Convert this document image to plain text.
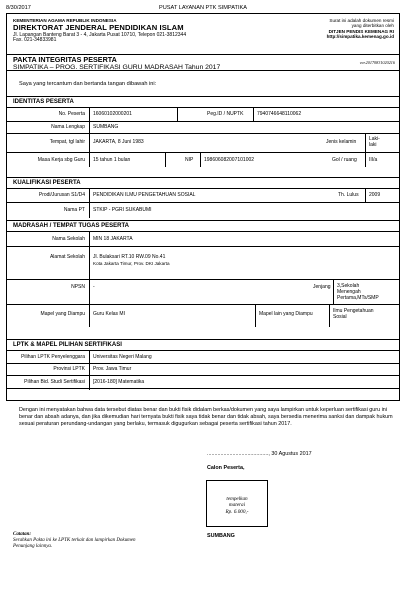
8/30/2017	PUSAT LAYANAN PTK SIMPATIKA
KEMENTERIAN AGAMA REPUBLIK INDONESIA
DIREKTORAT JENDERAL PENDIDIKAN ISLAM
Jl. Lapangan Banteng Barat 3 - 4, Jakarta Pusat 10710, Telepon 021-3812344
Fax. 021-34833981
Surat ini adalah dokumen resmi
yang diterbitkan oleh
DITJEN PENDIS KEMENAG RI
http://simpatika.kemenag.go.id
PAKTA INTEGRITAS PESERTA
SIMPATIKA – PROG. SERTIFIKASI GURU MADRASAH Tahun 2017
ver.20170831020216
Saya yang tercantum dan bertanda tangan dibawah ini:
IDENTITAS PESERTA
No. Peserta 16060102000201	Peg.ID / NUPTK	7940746648110062
Nama Lengkap SUMBANG
Tempat, tgl lahir JAKARTA, 8 Juni 1983	Jenis kelamin	Laki-
laki
Masa Kerja sbg Guru 15 tahun 1 bulan	NIP 198606082007101002	Gol / ruang III/a
KUALIFIKASI PESERTA
Prodi/Jurusan S1/D4 PENDIDIKAN ILMU PENGETAHUAN SOSIAL	Th. Lulus 2009
Nama PT STKIP - PGRI SUKABUMI
MADRASAH / TEMPAT TUGAS PESERTA
Nama Sekolah MIN 18 JAKARTA
Alamat Sekolah Jl. Bulaksari RT.10 RW.09 No.41
Kota Jakarta Timur, Prov. DKI Jakarta
NPSN -	Jenjang 3,Sekolah
Menengah
Pertama,MTs/SMP
Mapel yang Diampu Guru Kelas MI	Mapel lain yang Diampu	Ilmu Pengetahuan
Sosial
LPTK & MAPEL PILIHAN SERTIFIKASI
Pilihan LPTK Penyelenggara Universitas Negeri Malang
Provinsi LPTK Prov. Jawa Timur
Pilihan Bid. Studi Sertifikasi [2016-180] Matematika
Dengan ini menyatakan bahwa data tersebut diatas benar dan bukti fisik didalam berkas/dokumen yang saya lampirkan untuk keperluan sertifikasi guru ini benar dan absah adanya, dan jika dikemudian hari ternyata bukti fisik saya tidak benar dan tidak absah, saya bersedia menerima sanksi dan dampak hukum sesuai peraturan perundang-undangan yang berlaku, termasuk digugurkan sebagai peserta sertifikasi tahun 2017.
........................................., 30 Agustus 2017
Calon Peserta,
tempelkan
materai
Rp. 6.000,-
SUMBANG
Catatan:
Serahkan Pakta ini ke LPTK terkait dan lampirkan Dokumen
Penunjang lainnya.
